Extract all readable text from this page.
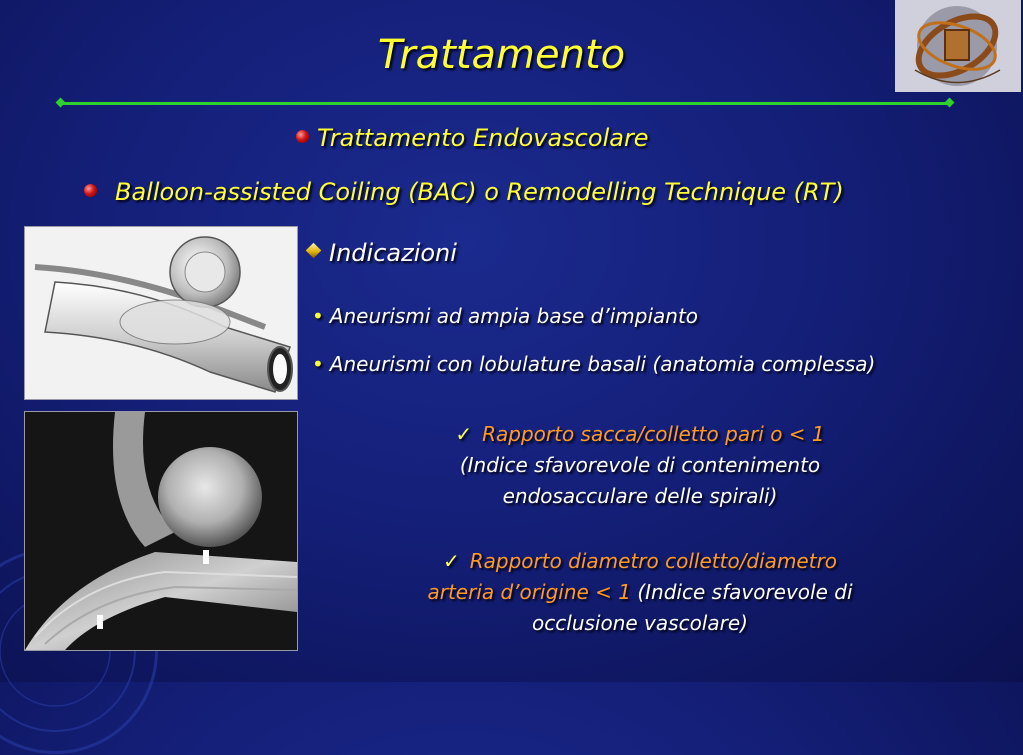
Trattamento
Trattamento Endovascolare
Balloon-assisted Coiling (BAC) o Remodelling Technique (RT)
Indicazioni
• Aneurismi ad ampia base d’impianto
• Aneurismi con lobulature basali (anatomia complessa)
✓ Rapporto sacca/colletto pari o < 1
(Indice sfavorevole di contenimento
endosacculare delle spirali)
✓ Rapporto diametro colletto/diametro
arteria d’origine < 1 (Indice sfavorevole di
occlusione vascolare)
